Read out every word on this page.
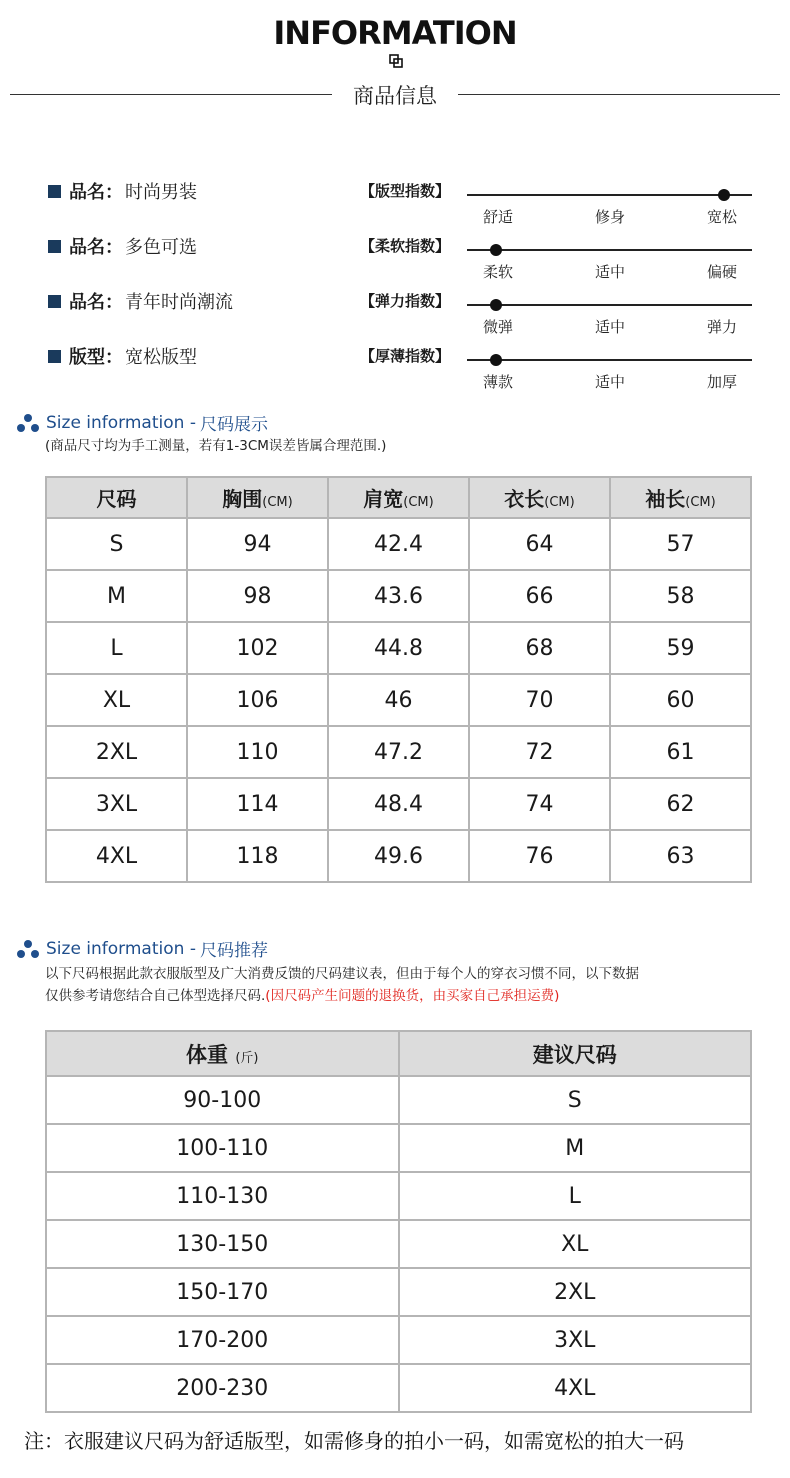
INFORMATION
商品信息
品名： 时尚男装
品名： 多色可选
品名： 青年时尚潮流
版型： 宽松版型
【版型指数】
舒适	修身	宽松
【柔软指数】
柔软	适中	偏硬
【弹力指数】
微弹	适中	弹力
【厚薄指数】
薄款	适中	加厚
Size information - 尺码展示
(商品尺寸均为手工测量，若有1-3CM误差皆属合理范围.)
尺码	胸围(CM)	肩宽(CM)	衣长(CM)	袖长(CM)
S	94	42.4	64	57
M	98	43.6	66	58
L	102	44.8	68	59
XL	106	46	70	60
2XL	110	47.2	72	61
3XL	114	48.4	74	62
4XL	118	49.6	76	63
Size information - 尺码推荐
以下尺码根据此款衣服版型及广大消费反馈的尺码建议表，但由于每个人的穿衣习惯不同，以下数据
仅供参考请您结合自己体型选择尺码.(因尺码产生问题的退换货，由买家自己承担运费)
体重 (斤)	建议尺码
90-100	S
100-110	M
110-130	L
130-150	XL
150-170	2XL
170-200	3XL
200-230	4XL
注：衣服建议尺码为舒适版型，如需修身的拍小一码，如需宽松的拍大一码
